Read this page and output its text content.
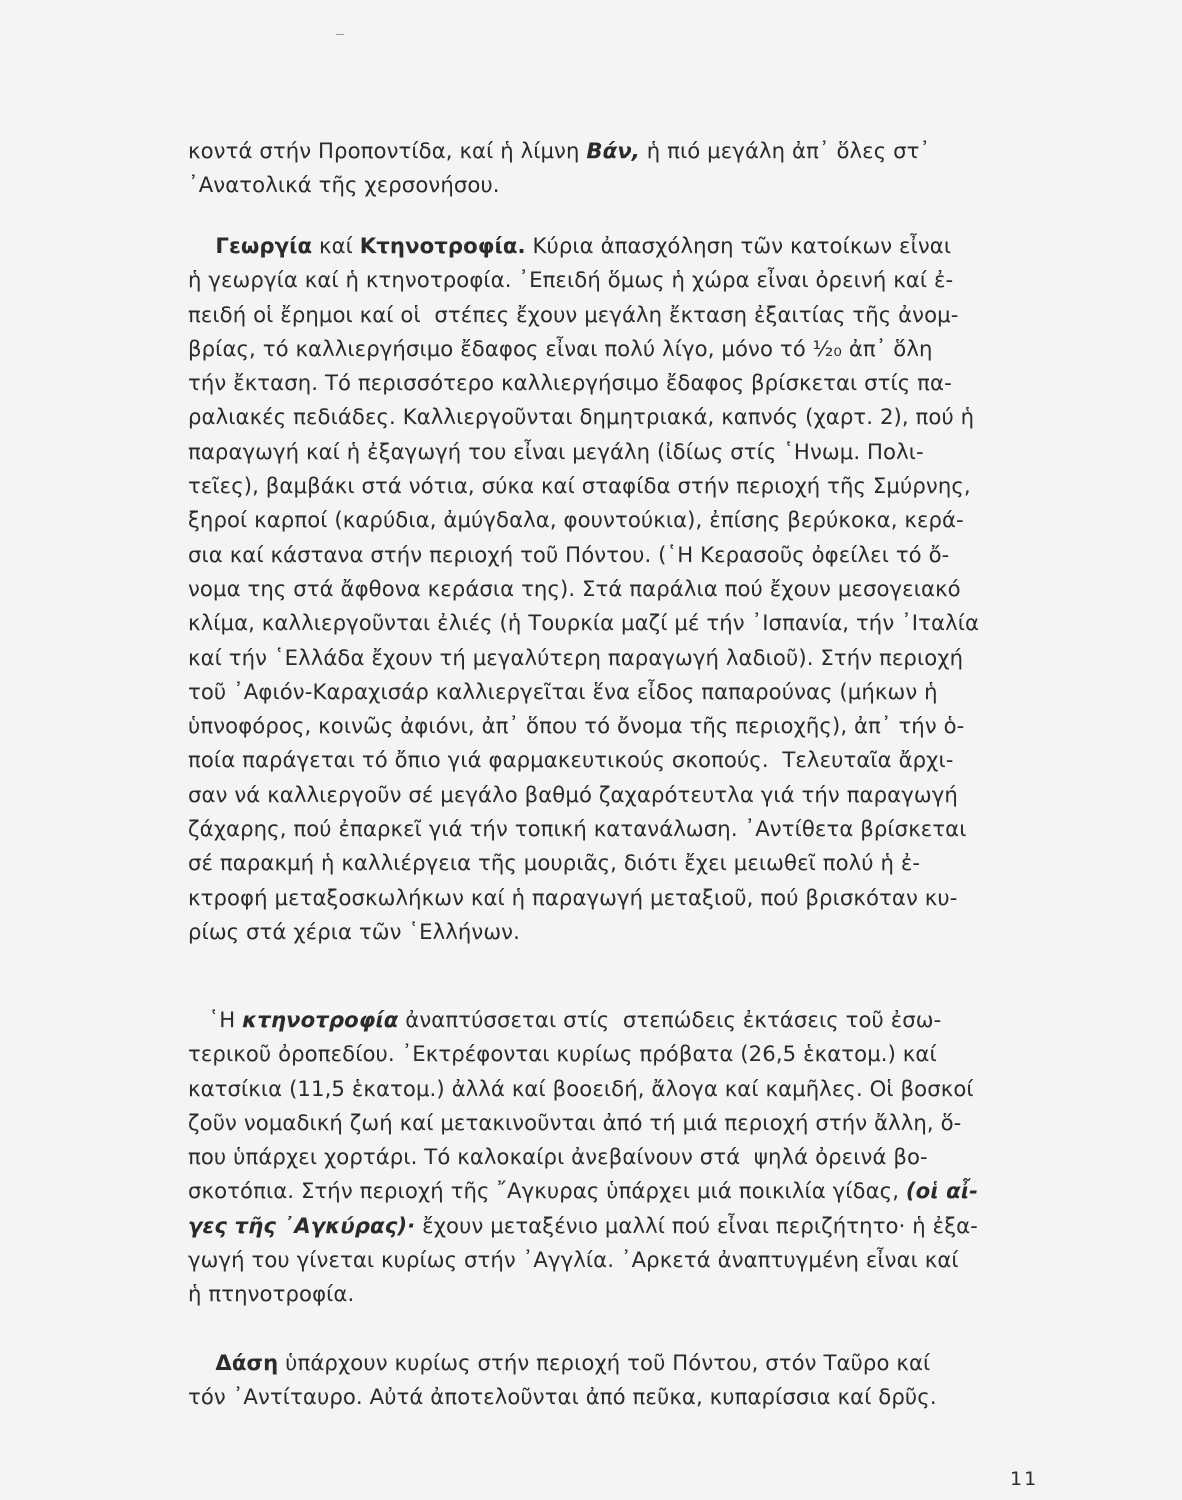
κοντά στήν Προποντίδα, καί ἡ λίμνη Βάν, ἡ πιό μεγάλη ἀπ᾿ ὅλες στ᾿
᾿Ανατολικά τῆς χερσονήσου.
Γεωργία καί Κτηνοτροφία. Κύρια ἀπασχόληση τῶν κατοίκων εἶναι
ἡ γεωργία καί ἡ κτηνοτροφία. ᾿Επειδή ὅμως ἡ χώρα εἶναι ὀρεινή καί ἐ-
πειδή οἱ ἔρημοι καί οἱ  στέπες ἔχουν μεγάλη ἔκταση ἐξαιτίας τῆς ἀνομ-
βρίας, τό καλλιεργήσιμο ἔδαφος εἶναι πολύ λίγο, μόνο τό ¹⁄₂₀ ἀπ᾿ ὅλη
τήν ἔκταση. Τό περισσότερο καλλιεργήσιμο ἔδαφος βρίσκεται στίς πα-
ραλιακές πεδιάδες. Καλλιεργοῦνται δημητριακά, καπνός (χαρτ. 2), πού ἡ
παραγωγή καί ἡ ἐξαγωγή του εἶναι μεγάλη (ἰδίως στίς ῾Ηνωμ. Πολι-
τεῖες), βαμβάκι στά νότια, σύκα καί σταφίδα στήν περιοχή τῆς Σμύρνης,
ξηροί καρποί (καρύδια, ἀμύγδαλα, φουντούκια), ἐπίσης βερύκοκα, κερά-
σια καί κάστανα στήν περιοχή τοῦ Πόντου. (῾Η Κερασοῦς ὀφείλει τό ὄ-
νομα της στά ἄφθονα κεράσια της). Στά παράλια πού ἔχουν μεσογειακό
κλίμα, καλλιεργοῦνται ἐλιές (ἡ Τουρκία μαζί μέ τήν ᾿Ισπανία, τήν ᾿Ιταλία
καί τήν ῾Ελλάδα ἔχουν τή μεγαλύτερη παραγωγή λαδιοῦ). Στήν περιοχή
τοῦ ᾿Αφιόν-Καραχισάρ καλλιεργεῖται ἕνα εἶδος παπαρούνας (μήκων ἡ
ὑπνοφόρος, κοινῶς ἀφιόνι, ἀπ᾿ ὅπου τό ὄνομα τῆς περιοχῆς), ἀπ᾿ τήν ὁ-
ποία παράγεται τό ὄπιο γιά φαρμακευτικούς σκοπούς.  Τελευταῖα ἄρχι-
σαν νά καλλιεργοῦν σέ μεγάλο βαθμό ζαχαρότευτλα γιά τήν παραγωγή
ζάχαρης, πού ἐπαρκεῖ γιά τήν τοπική κατανάλωση. ᾿Αντίθετα βρίσκεται
σέ παρακμή ἡ καλλιέργεια τῆς μουριᾶς, διότι ἔχει μειωθεῖ πολύ ἡ ἐ-
κτροφή μεταξοσκωλήκων καί ἡ παραγωγή μεταξιοῦ, πού βρισκόταν κυ-
ρίως στά χέρια τῶν ῾Ελλήνων.
῾Η κτηνοτροφία ἀναπτύσσεται στίς  στεπώδεις ἐκτάσεις τοῦ ἐσω-
τερικοῦ ὀροπεδίου. ᾿Εκτρέφονται κυρίως πρόβατα (26,5 ἑκατομ.) καί
κατσίκια (11,5 ἑκατομ.) ἀλλά καί βοοειδή, ἄλογα καί καμῆλες. Οἱ βοσκοί
ζοῦν νομαδική ζωή καί μετακινοῦνται ἀπό τή μιά περιοχή στήν ἄλλη, ὅ-
που ὑπάρχει χορτάρι. Τό καλοκαίρι ἀνεβαίνουν στά  ψηλά ὀρεινά βο-
σκοτόπια. Στήν περιοχή τῆς ῎Αγκυρας ὑπάρχει μιά ποικιλία γίδας, (οἱ αἶ-
γες τῆς ᾿Αγκύρας)· ἔχουν μεταξένιο μαλλί πού εἶναι περιζήτητο· ἡ ἐξα-
γωγή του γίνεται κυρίως στήν ᾿Αγγλία. ᾿Αρκετά ἀναπτυγμένη εἶναι καί
ἡ πτηνοτροφία.
Δάση ὑπάρχουν κυρίως στήν περιοχή τοῦ Πόντου, στόν Ταῦρο καί
τόν ᾿Αντίταυρο. Αὐτά ἀποτελοῦνται ἀπό πεῦκα, κυπαρίσσια καί δρῦς.
11
